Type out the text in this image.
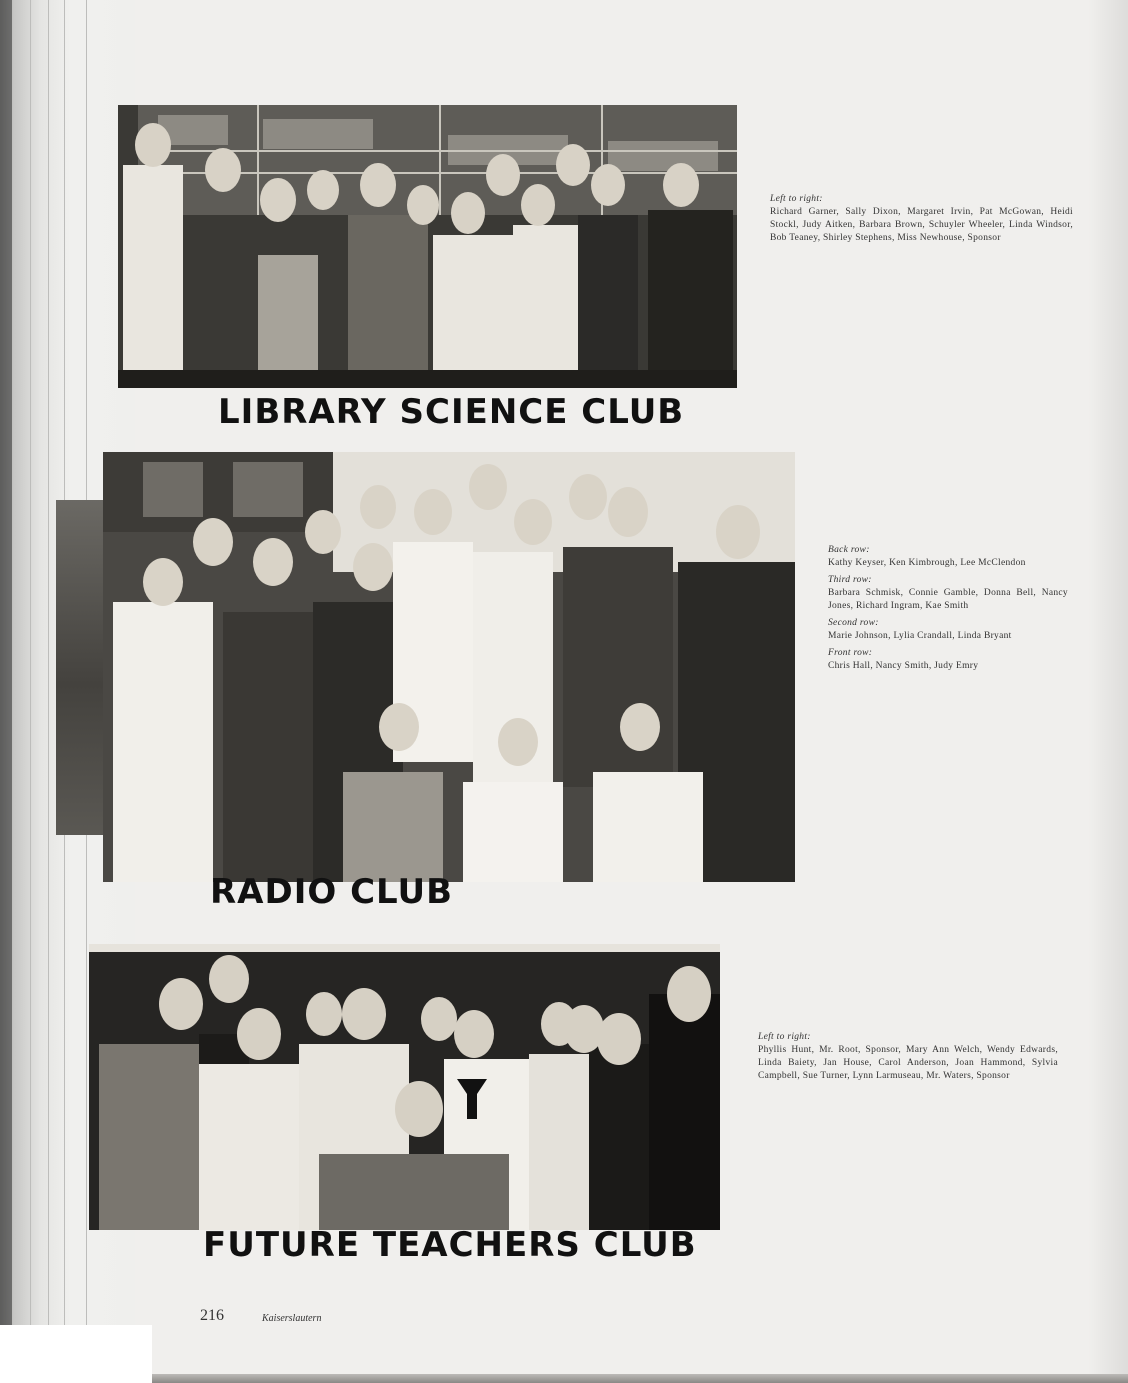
LIBRARY SCIENCE CLUB
Left to right:
Richard Garner, Sally Dixon, Margaret Irvin, Pat McGowan, Heidi Stockl, Judy Aitken, Barbara Brown, Schuyler Wheeler, Linda Windsor, Bob Teaney, Shirley Stephens, Miss Newhouse, Sponsor
RADIO CLUB
Back row:
Kathy Keyser, Ken Kimbrough, Lee McClendon
Third row:
Barbara Schmisk, Connie Gamble, Donna Bell, Nancy Jones, Richard Ingram, Kae Smith
Second row:
Marie Johnson, Lylia Crandall, Linda Bryant
Front row:
Chris Hall, Nancy Smith, Judy Emry
FUTURE TEACHERS CLUB
Left to right:
Phyllis Hunt, Mr. Root, Sponsor, Mary Ann Welch, Wendy Edwards, Linda Baiety, Jan House, Carol Anderson, Joan Hammond, Sylvia Campbell, Sue Turner, Lynn Larmuseau, Mr. Waters, Sponsor
216	Kaiserslautern
